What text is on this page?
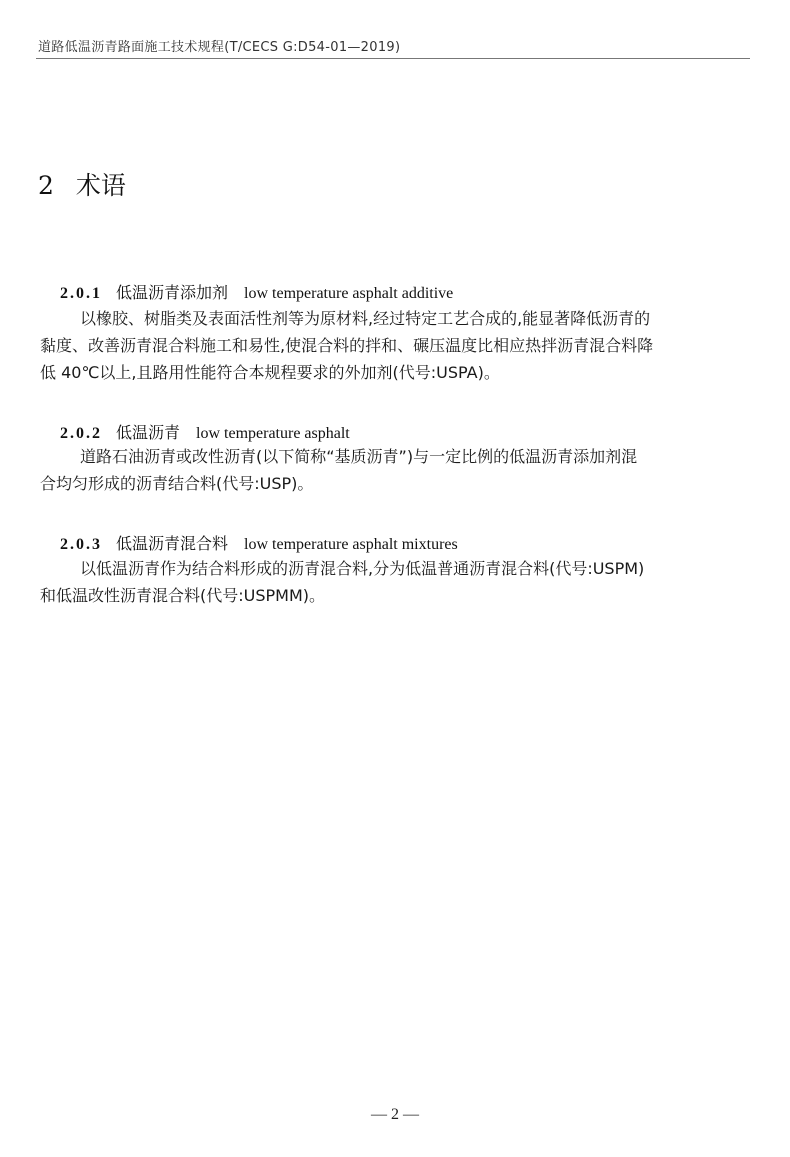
道路低温沥青路面施工技术规程(T/CECS G:D54-01—2019)
2 术语
2.0.1 低温沥青添加剂 low temperature asphalt additive
以橡胶、树脂类及表面活性剂等为原材料,经过特定工艺合成的,能显著降低沥青的
黏度、改善沥青混合料施工和易性,使混合料的拌和、碾压温度比相应热拌沥青混合料降
低 40℃以上,且路用性能符合本规程要求的外加剂(代号:USPA)。
2.0.2 低温沥青 low temperature asphalt
道路石油沥青或改性沥青(以下简称“基质沥青”)与一定比例的低温沥青添加剂混
合均匀形成的沥青结合料(代号:USP)。
2.0.3 低温沥青混合料 low temperature asphalt mixtures
以低温沥青作为结合料形成的沥青混合料,分为低温普通沥青混合料(代号:USPM)
和低温改性沥青混合料(代号:USPMM)。
— 2 —
